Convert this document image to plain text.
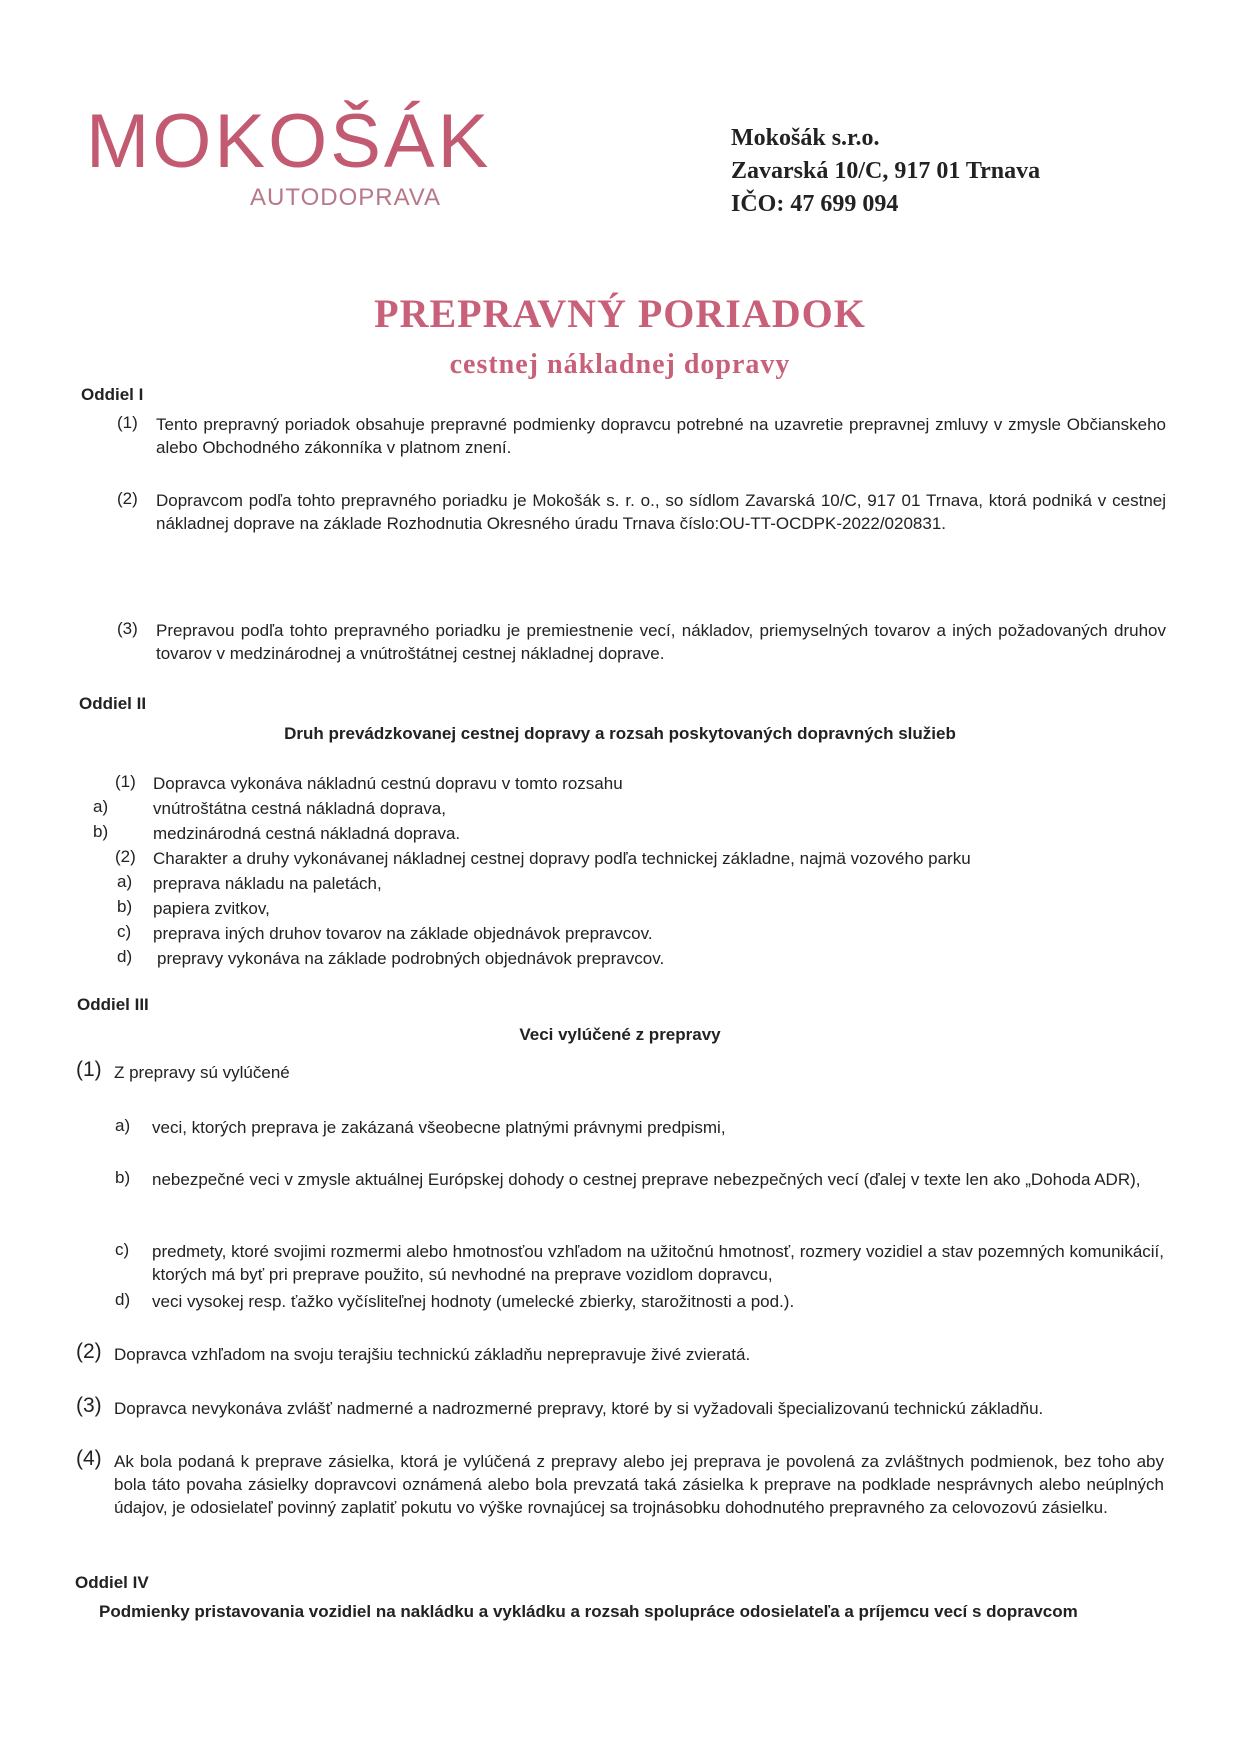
MOKOŠÁK
AUTODOPRAVA
Mokošák s.r.o.
Zavarská 10/C, 917 01 Trnava
IČO: 47 699 094
PREPRAVNÝ PORIADOK
cestnej nákladnej dopravy
Oddiel I
(1) Tento prepravný poriadok obsahuje prepravné podmienky dopravcu potrebné na uzavretie prepravnej zmluvy v zmysle Občianskeho alebo Obchodného zákonníka v platnom znení.
(2) Dopravcom podľa tohto prepravného poriadku je Mokošák s. r. o., so sídlom Zavarská 10/C, 917 01 Trnava, ktorá podniká v cestnej nákladnej doprave na základe Rozhodnutia Okresného úradu Trnava číslo:OU-TT-OCDPK-2022/020831.
(3) Prepravou podľa tohto prepravného poriadku je premiestnenie vecí, nákladov, priemyselných tovarov a iných požadovaných druhov tovarov v medzinárodnej a vnútroštátnej cestnej nákladnej doprave.
Oddiel II
Druh prevádzkovanej cestnej dopravy a rozsah poskytovaných dopravných služieb
(1) Dopravca vykonáva nákladnú cestnú dopravu v tomto rozsahu
a)	vnútroštátna cestná nákladná doprava,
b)	medzinárodná cestná nákladná doprava.
(2) Charakter a druhy vykonávanej nákladnej cestnej dopravy podľa technickej základne, najmä vozového parku
a) preprava nákladu na paletách,
b) papiera zvitkov,
c) preprava iných druhov tovarov na základe objednávok prepravcov.
d) prepravy vykonáva na základe podrobných objednávok prepravcov.
Oddiel III
Veci vylúčené z prepravy
(1) Z prepravy sú vylúčené
a) veci, ktorých preprava je zakázaná všeobecne platnými právnymi predpismi,
b) nebezpečné veci v zmysle aktuálnej Európskej dohody o cestnej preprave nebezpečných vecí (ďalej v texte len ako „Dohoda ADR),
c) predmety, ktoré svojimi rozmermi alebo hmotnosťou vzhľadom na užitočnú hmotnosť, rozmery vozidiel a stav pozemných komunikácií, ktorých má byť pri preprave použito, sú nevhodné na preprave vozidlom dopravcu,
d) veci vysokej resp. ťažko vyčísliteľnej hodnoty (umelecké zbierky, starožitnosti a pod.).
(2) Dopravca vzhľadom na svoju terajšiu technickú základňu neprepravuje živé zvieratá.
(3) Dopravca nevykonáva zvlášť nadmerné a nadrozmerné prepravy, ktoré by si vyžadovali špecializovanú technickú základňu.
(4) Ak bola podaná k preprave zásielka, ktorá je vylúčená z prepravy alebo jej preprava je povolená za zvláštnych podmienok, bez toho aby bola táto povaha zásielky dopravcovi oznámená alebo bola prevzatá taká zásielka k preprave na podklade nesprávnych alebo neúplných údajov, je odosielateľ povinný zaplatiť pokutu vo výške rovnajúcej sa trojnásobku dohodnutého prepravného za celovozovú zásielku.
Oddiel IV
Podmienky pristavovania vozidiel na nakládku a vykládku a rozsah spolupráce odosielateľa a príjemcu vecí s dopravcom
